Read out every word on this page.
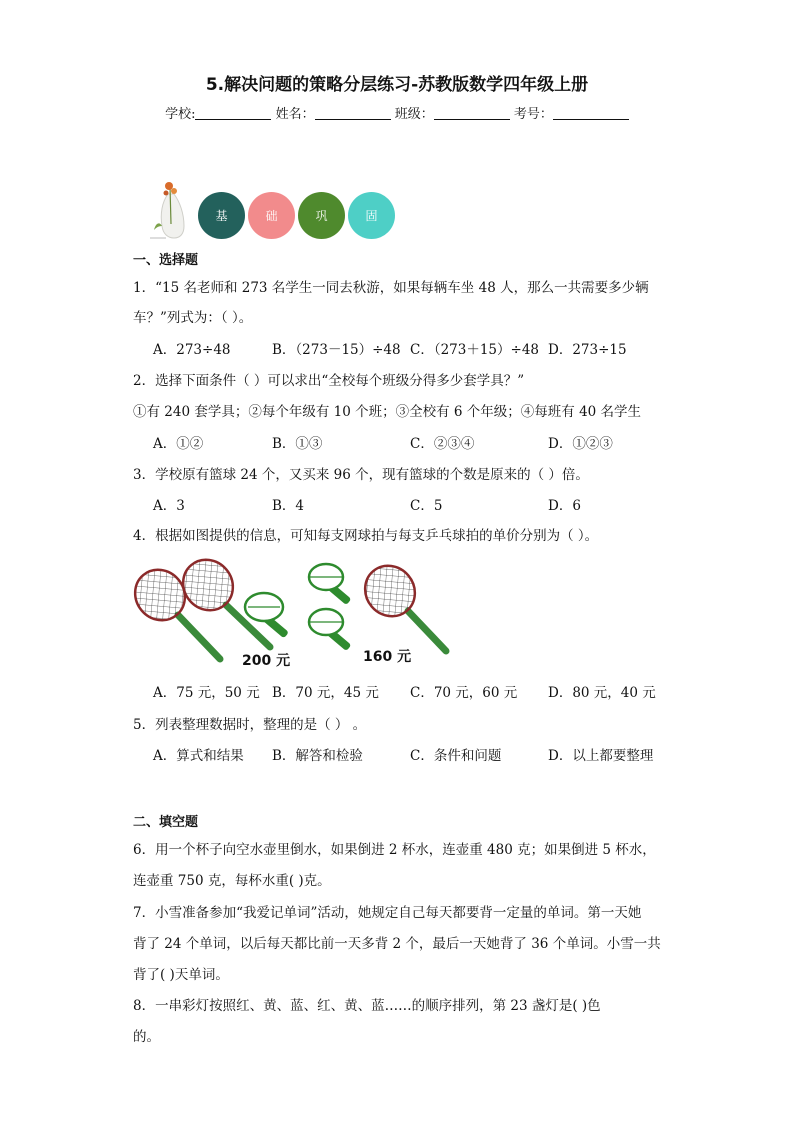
5.解决问题的策略分层练习-苏教版数学四年级上册
学校:	姓名：	班级：	考号：
基	础	巩	固
一、选择题
1．“15 名老师和 273 名学生一同去秋游，如果每辆车坐 48 人，那么一共需要多少辆
车？”列式为：（ ）。
A．273÷48	B．（273－15）÷48 C．（273＋15）÷48 D．273÷15
2．选择下面条件（ ）可以求出“全校每个班级分得多少套学具？”
①有 240 套学具；②每个年级有 10 个班；③全校有 6 个年级；④每班有 40 名学生
A．①②	B．①③	C．②③④	D．①②③
3．学校原有篮球 24 个，又买来 96 个，现有篮球的个数是原来的（ ）倍。
A．3	B．4	C．5	D．6
4．根据如图提供的信息，可知每支网球拍与每支乒乓球拍的单价分别为（ ）。
200 元	160 元
A．75 元，50 元 B．70 元，45 元 C．70 元，60 元 D．80 元，40 元
5．列表整理数据时，整理的是（ ） 。
A．算式和结果 B．解答和检验	C．条件和问题	D．以上都要整理
二、填空题
6．用一个杯子向空水壶里倒水，如果倒进 2 杯水，连壶重 480 克；如果倒进 5 杯水，
连壶重 750 克，每杯水重( )克。
7．小雪准备参加“我爱记单词”活动，她规定自己每天都要背一定量的单词。第一天她
背了 24 个单词，以后每天都比前一天多背 2 个，最后一天她背了 36 个单词。小雪一共
背了( )天单词。
8．一串彩灯按照红、黄、蓝、红、黄、蓝……的顺序排列，第 23 盏灯是( )色
的。
